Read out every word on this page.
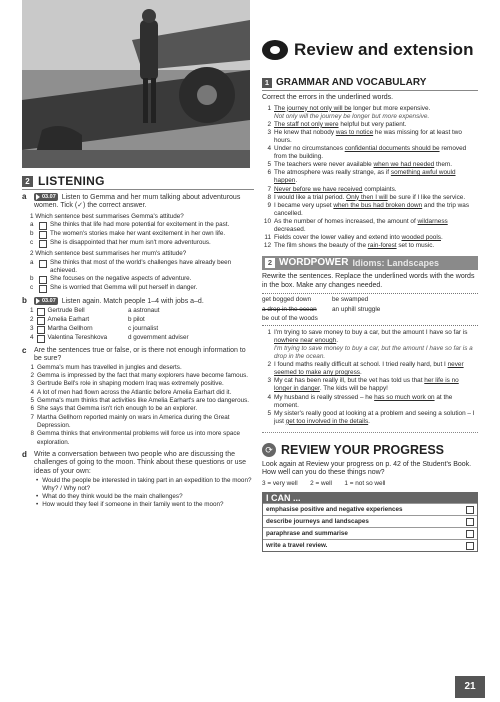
2 LISTENING
a	03.07 Listen to Gemma and her mum talking about adventurous women. Tick (✓) the correct answer.
1 Which sentence best summarises Gemma's attitude?
a	She thinks that life had more potential for excitement in the past.
b	The women's stories make her want excitement in her own life.
c	She is disappointed that her mum isn't more adventurous.
2 Which sentence best summarises her mum's attitude?
a	She thinks that most of the world's challenges have already been achieved.
b	She focuses on the negative aspects of adventure.
c	She is worried that Gemma will put herself in danger.
b	03.07 Listen again. Match people 1–4 with jobs a–d.
1 Gertrude Bell	a astronaut
2 Amelia Earhart	b pilot
3 Martha Gellhorn	c journalist
4 Valentina Tereshkova	d government adviser
c	Are the sentences true or false, or is there not enough information to be sure?
1 Gemma's mum has travelled in jungles and deserts.
2 Gemma is impressed by the fact that many explorers have become famous.
3 Gertrude Bell's role in shaping modern Iraq was extremely positive.
4 A lot of men had flown across the Atlantic before Amelia Earhart did it.
5 Gemma's mum thinks that activities like Amelia Earhart's are too dangerous.
6 She says that Gemma isn't rich enough to be an explorer.
7 Martha Gellhorn reported mainly on wars in America during the Great Depression.
8 Gemma thinks that environmental problems will force us into more space exploration.
d	Write a conversation between two people who are discussing the challenges of going to the moon. Think about these questions or use ideas of your own:
• Would the people be interested in taking part in an expedition to the moon? Why? / Why not?
• What do they think would be the main challenges?
• How would they feel if someone in their family went to the moon?
Review and extension
1 GRAMMAR AND VOCABULARY
Correct the errors in the underlined words.
1 The journey not only will be longer but more expensive.
Not only will the journey be longer but more expensive.
2 The staff not only were helpful but very patient.
3 He knew that nobody was to notice he was missing for at least two hours.
4 Under no circumstances confidential documents should be removed from the building.
5 The teachers were never available when we had needed them.
6 The atmosphere was really strange, as if something awful would happen.
7 Never before we have received complaints.
8 I would like a trial period. Only then I will be sure if I like the service.
9 I became very upset when the bus had broken down and the trip was cancelled.
10 As the number of homes increased, the amount of wildarness decreased.
11 Fields cover the lower valley and extend into wooded pools.
12 The film shows the beauty of the rain-forest set to music.
2 WORDPOWER Idioms: Landscapes
Rewrite the sentences. Replace the underlined words with the words in the box. Make any changes needed.
get bogged down	be swamped
a drop in the ocean	an uphill struggle
be out of the woods
1 I'm trying to save money to buy a car, but the amount I have so far is nowhere near enough.
I'm trying to save money to buy a car, but the amount I have so far is a drop in the ocean.
2 I found maths really difficult at school. I tried really hard, but I never seemed to make any progress.
3 My cat has been really ill, but the vet has told us that her life is no longer in danger. The kids will be happy!
4 My husband is really stressed – he has so much work on at the moment.
5 My sister's really good at looking at a problem and seeing a solution – I just get too involved in the details.
⟳ REVIEW YOUR PROGRESS
Look again at Review your progress on p. 42 of the Student's Book. How well can you do these things now?
3 = very well       2 = well       1 = not so well
I CAN ...
emphasise positive and negative experiences
describe journeys and landscapes
paraphrase and summarise
write a travel review.
21
